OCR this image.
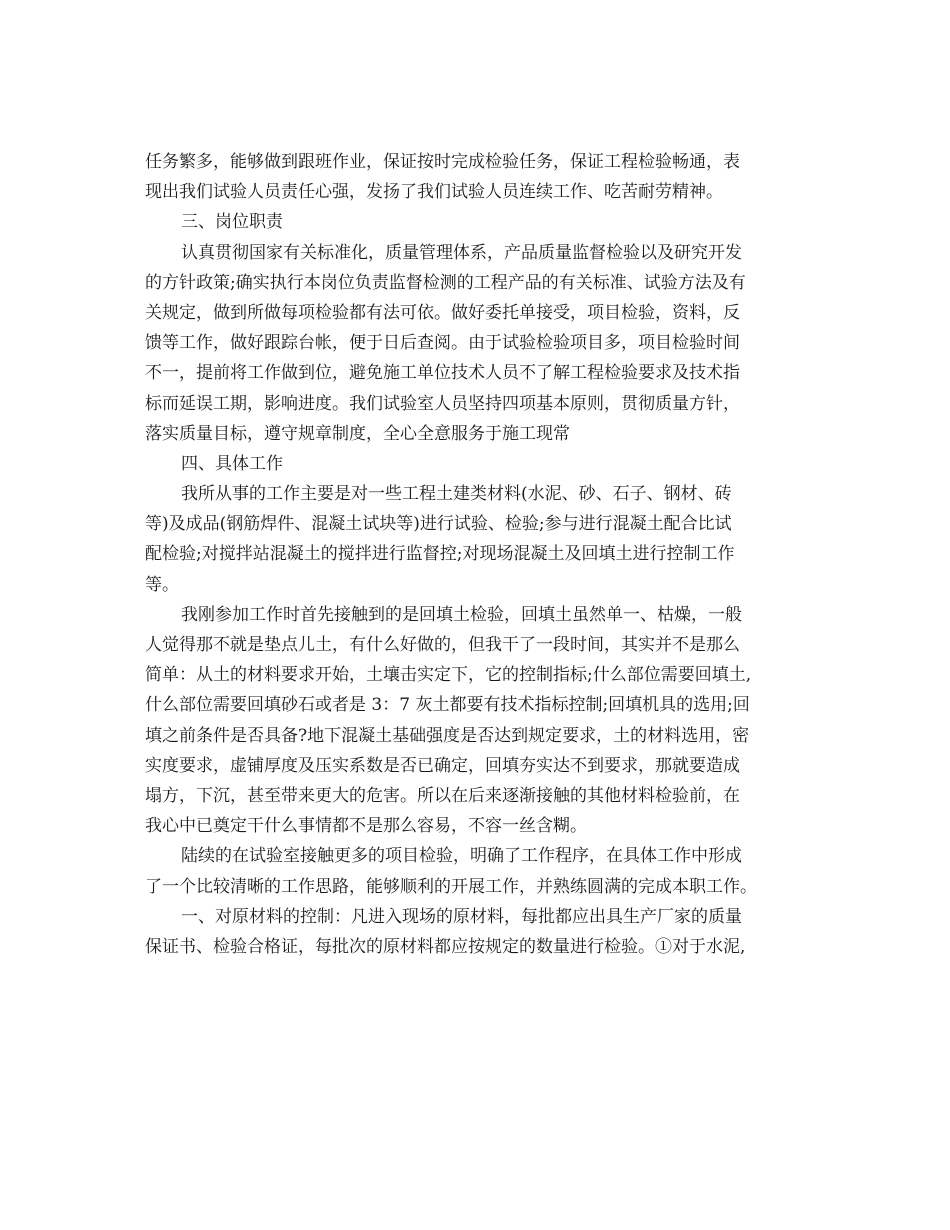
任务繁多，能够做到跟班作业，保证按时完成检验任务，保证工程检验畅通，表
现出我们试验人员责任心强，发扬了我们试验人员连续工作、吃苦耐劳精神。
三、岗位职责
认真贯彻国家有关标准化，质量管理体系，产品质量监督检验以及研究开发
的方针政策;确实执行本岗位负责监督检测的工程产品的有关标准、试验方法及有
关规定，做到所做每项检验都有法可依。做好委托单接受，项目检验，资料，反
馈等工作，做好跟踪台帐，便于日后查阅。由于试验检验项目多，项目检验时间
不一，提前将工作做到位，避免施工单位技术人员不了解工程检验要求及技术指
标而延误工期，影响进度。我们试验室人员坚持四项基本原则，贯彻质量方针，
落实质量目标，遵守规章制度，全心全意服务于施工现常
四、具体工作
我所从事的工作主要是对一些工程土建类材料(水泥、砂、石子、钢材、砖
等)及成品(钢筋焊件、混凝土试块等)进行试验、检验;参与进行混凝土配合比试
配检验;对搅拌站混凝土的搅拌进行监督控;对现场混凝土及回填土进行控制工作
等。
我刚参加工作时首先接触到的是回填土检验，回填土虽然单一、枯燥，一般
人觉得那不就是垫点儿土，有什么好做的，但我干了一段时间，其实并不是那么
简单：从土的材料要求开始，土壤击实定下，它的控制指标;什么部位需要回填土,
什么部位需要回填砂石或者是 3：7 灰土都要有技术指标控制;回填机具的选用;回
填之前条件是否具备?地下混凝土基础强度是否达到规定要求，土的材料选用，密
实度要求，虚铺厚度及压实系数是否已确定，回填夯实达不到要求，那就要造成
塌方，下沉，甚至带来更大的危害。所以在后来逐渐接触的其他材料检验前，在
我心中已奠定干什么事情都不是那么容易，不容一丝含糊。
陆续的在试验室接触更多的项目检验，明确了工作程序，在具体工作中形成
了一个比较清晰的工作思路，能够顺利的开展工作，并熟练圆满的完成本职工作。
一、对原材料的控制：凡进入现场的原材料，每批都应出具生产厂家的质量
保证书、检验合格证，每批次的原材料都应按规定的数量进行检验。①对于水泥,
